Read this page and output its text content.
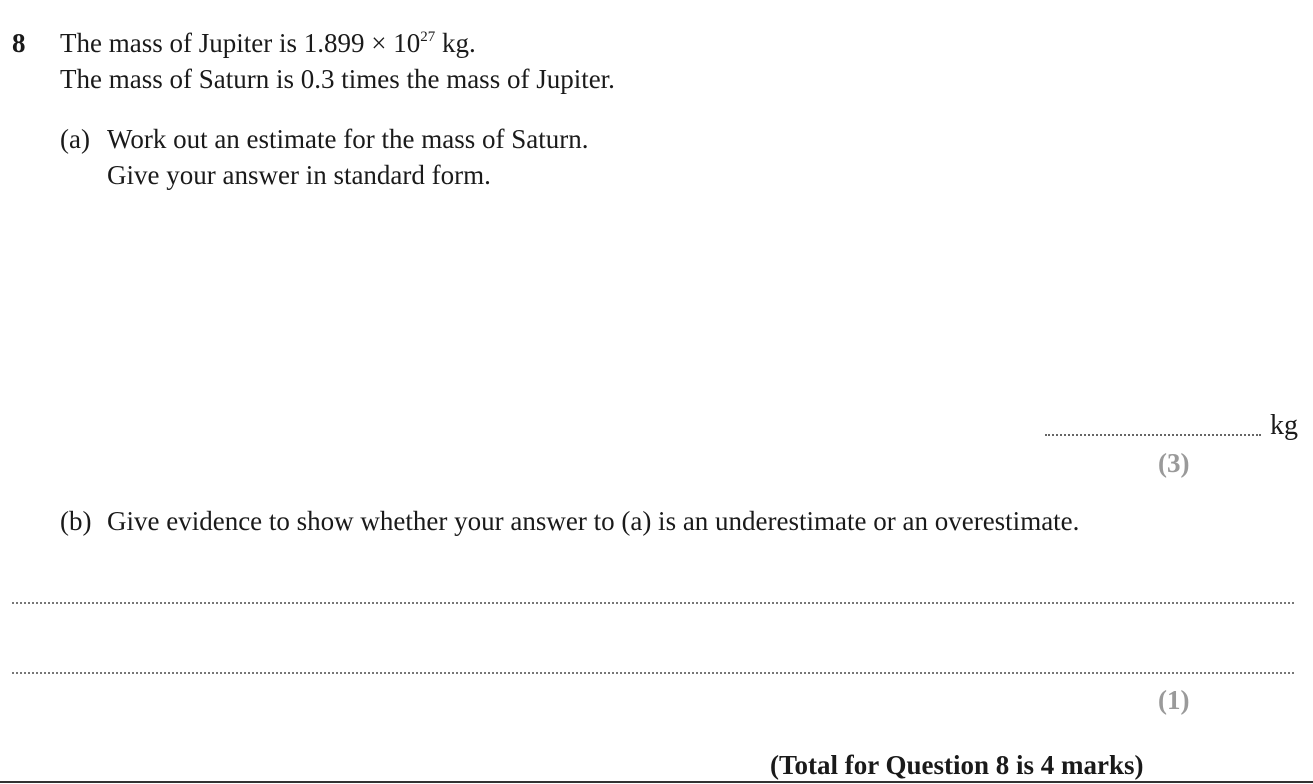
8 The mass of Jupiter is $1.899 \times 10^{27}$ kg.
The mass of Saturn is 0.3 times the mass of Jupiter.
(a) Work out an estimate for the mass of Saturn.
Give your answer in standard form.
kg
(3)
(b) Give evidence to show whether your answer to (a) is an underestimate or an overestimate.
(1)
(Total for Question 8 is 4 marks)
